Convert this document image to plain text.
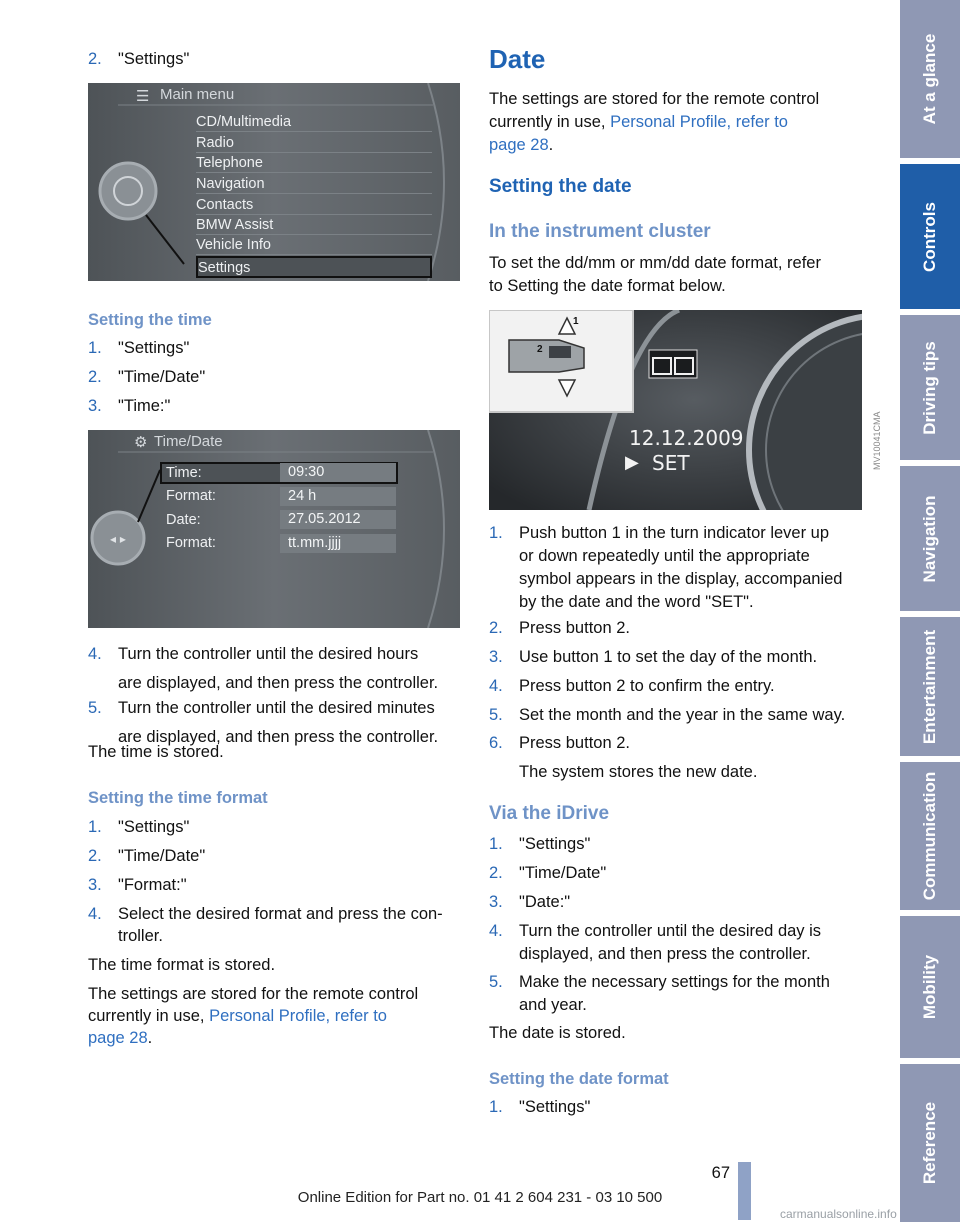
2. "Settings"
☰ Main menu
CD/Multimedia
Radio
Telephone
Navigation
Contacts
BMW Assist
Vehicle Info
Settings
Setting the time
1. "Settings"
2. "Time/Date"
3. "Time:"
◂ ▸
⚙ Time/Date
Time:	09:30
Format:	24 h
Date:	27.05.2012
Format:	tt.mm.jjjj
4. Turn the controller until the desired hours
are displayed, and then press the controller.
5. Turn the controller until the desired minutes
are displayed, and then press the controller.
The time is stored.
Setting the time format
1. "Settings"
2. "Time/Date"
3. "Format:"
4. Select the desired format and press the con‐
troller.
The time format is stored.
The settings are stored for the remote control
currently in use, Personal Profile, refer to
page 28.
Date
The settings are stored for the remote control
currently in use, Personal Profile, refer to
page 28.
Setting the date
In the instrument cluster
To set the dd/mm or mm/dd date format, refer
to Setting the date format below.
1
2
12.12.2009
▶ SET	MV10041CMA
1. Push button 1 in the turn indicator lever up
or down repeatedly until the appropriate
symbol appears in the display, accompanied
by the date and the word "SET".
2. Press button 2.
3. Use button 1 to set the day of the month.
4. Press button 2 to confirm the entry.
5. Set the month and the year in the same way.
6. Press button 2.
The system stores the new date.
Via the iDrive
1. "Settings"
2. "Time/Date"
3. "Date:"
4. Turn the controller until the desired day is
displayed, and then press the controller.
5. Make the necessary settings for the month
and year.
The date is stored.
Setting the date format
1. "Settings"
At a glance
Controls
Driving tips
Navigation
Entertainment
Communication
Mobility
Reference
67
Online Edition for Part no. 01 41 2 604 231 - 03 10 500
carmanualsonline.info
